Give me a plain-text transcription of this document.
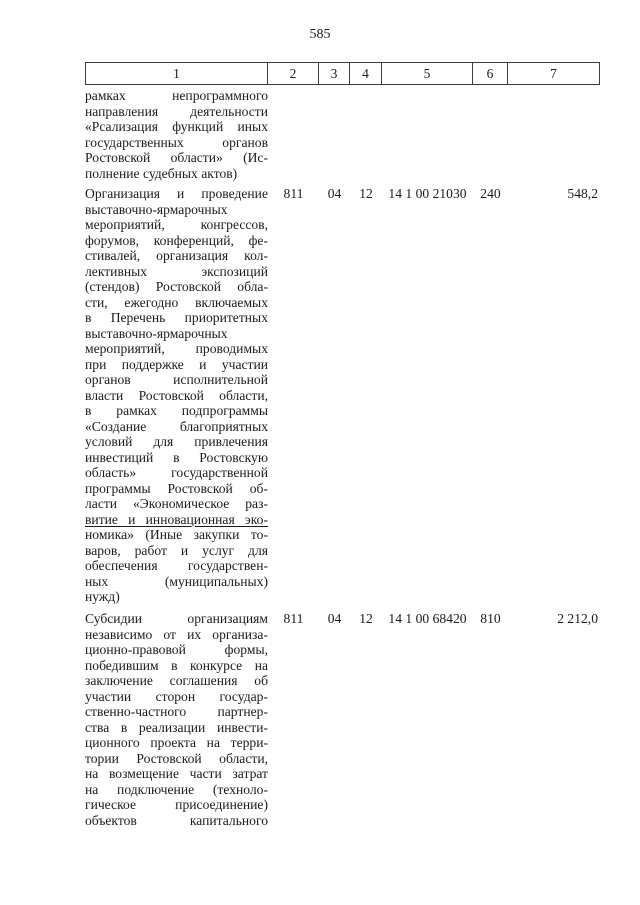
585
1	2	3	4	5	6	7
рамках непрограммного
направления деятельности
«Рсализация функций иных
государственных органов
Ростовской области» (Ис-
полнение судебных актов)
Организация и проведение
выставочно-ярмарочных
мероприятий, конгрессов,
форумов, конференций, фе-
стивалей, организация кол-
лективных экспозиций
(стендов) Ростовской обла-
сти, ежегодно включаемых
в Перечень приоритетных
выставочно-ярмарочных
мероприятий, проводимых
при поддержке и участии
органов исполнительной
власти Ростовской области,
в рамках подпрограммы
«Создание благоприятных
условий для привлечения
инвестиций в Ростовскую
область» государственной
программы Ростовской об-
ласти «Экономическое раз-
витие и инновационная эко-
номика» (Иные закупки то-
варов, работ и услуг для
обеспечения государствен-
ных (муниципальных)
нужд)
811	04	12	14 1 00 21030	240	548,2
Субсидии организациям
независимо от их организа-
ционно-правовой формы,
победившим в конкурсе на
заключение соглашения об
участии сторон государ-
ственно-частного партнер-
ства в реализации инвести-
ционного проекта на терри-
тории Ростовской области,
на возмещение части затрат
на подключение (техноло-
гическое присоединение)
объектов капитального
811	04	12	14 1 00 68420	810	2 212,0
